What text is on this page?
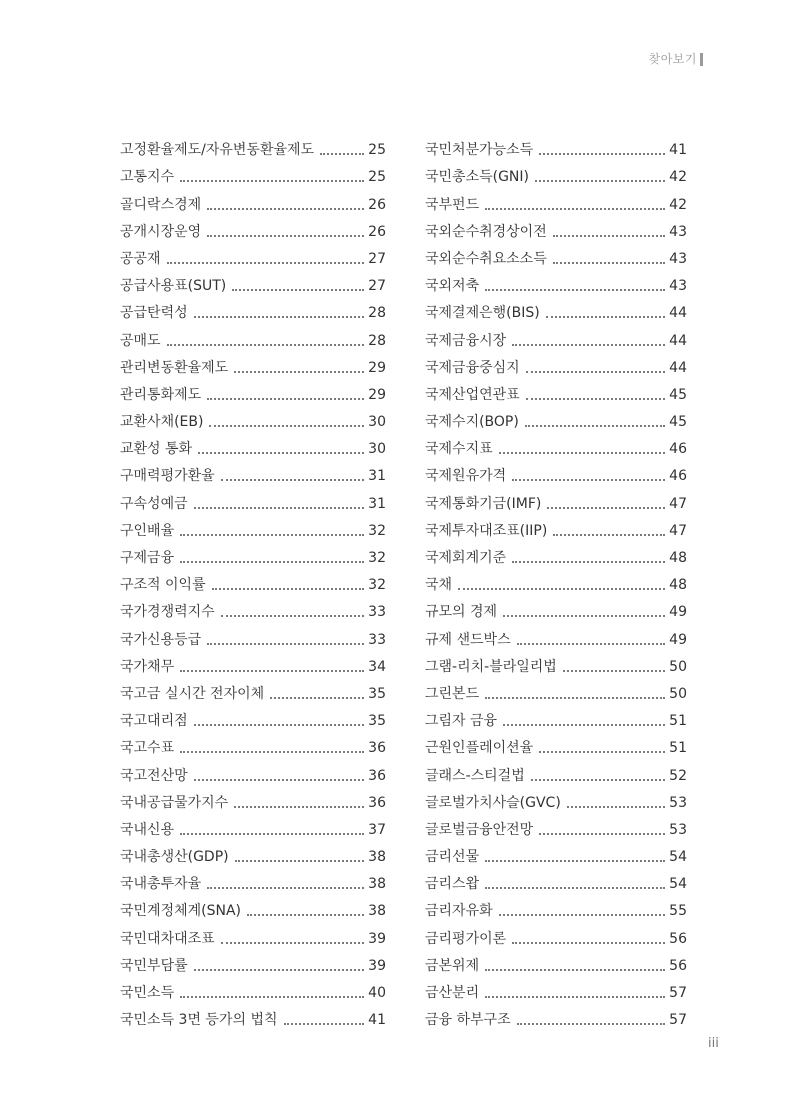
찾아보기
고정환율제도/자유변동환율제도	25
고통지수	25
골디락스경제	26
공개시장운영	26
공공재	27
공급사용표(SUT)	27
공급탄력성	28
공매도	28
관리변동환율제도	29
관리통화제도	29
교환사채(EB)	30
교환성 통화	30
구매력평가환율	31
구속성예금	31
구인배율	32
구제금융	32
구조적 이익률	32
국가경쟁력지수	33
국가신용등급	33
국가채무	34
국고금 실시간 전자이체	35
국고대리점	35
국고수표	36
국고전산망	36
국내공급물가지수	36
국내신용	37
국내총생산(GDP)	38
국내총투자율	38
국민계정체계(SNA)	38
국민대차대조표	39
국민부담률	39
국민소득	40
국민소득 3면 등가의 법칙	41
국민처분가능소득	41
국민총소득(GNI)	42
국부펀드	42
국외순수취경상이전	43
국외순수취요소소득	43
국외저축	43
국제결제은행(BIS)	44
국제금융시장	44
국제금융중심지	44
국제산업연관표	45
국제수지(BOP)	45
국제수지표	46
국제원유가격	46
국제통화기금(IMF)	47
국제투자대조표(IIP)	47
국제회계기준	48
국채	48
규모의 경제	49
규제 샌드박스	49
그램-리치-블라일리법	50
그린본드	50
그림자 금융	51
근원인플레이션율	51
글래스-스티걸법	52
글로벌가치사슬(GVC)	53
글로벌금융안전망	53
금리선물	54
금리스왑	54
금리자유화	55
금리평가이론	56
금본위제	56
금산분리	57
금융 하부구조	57
iii
